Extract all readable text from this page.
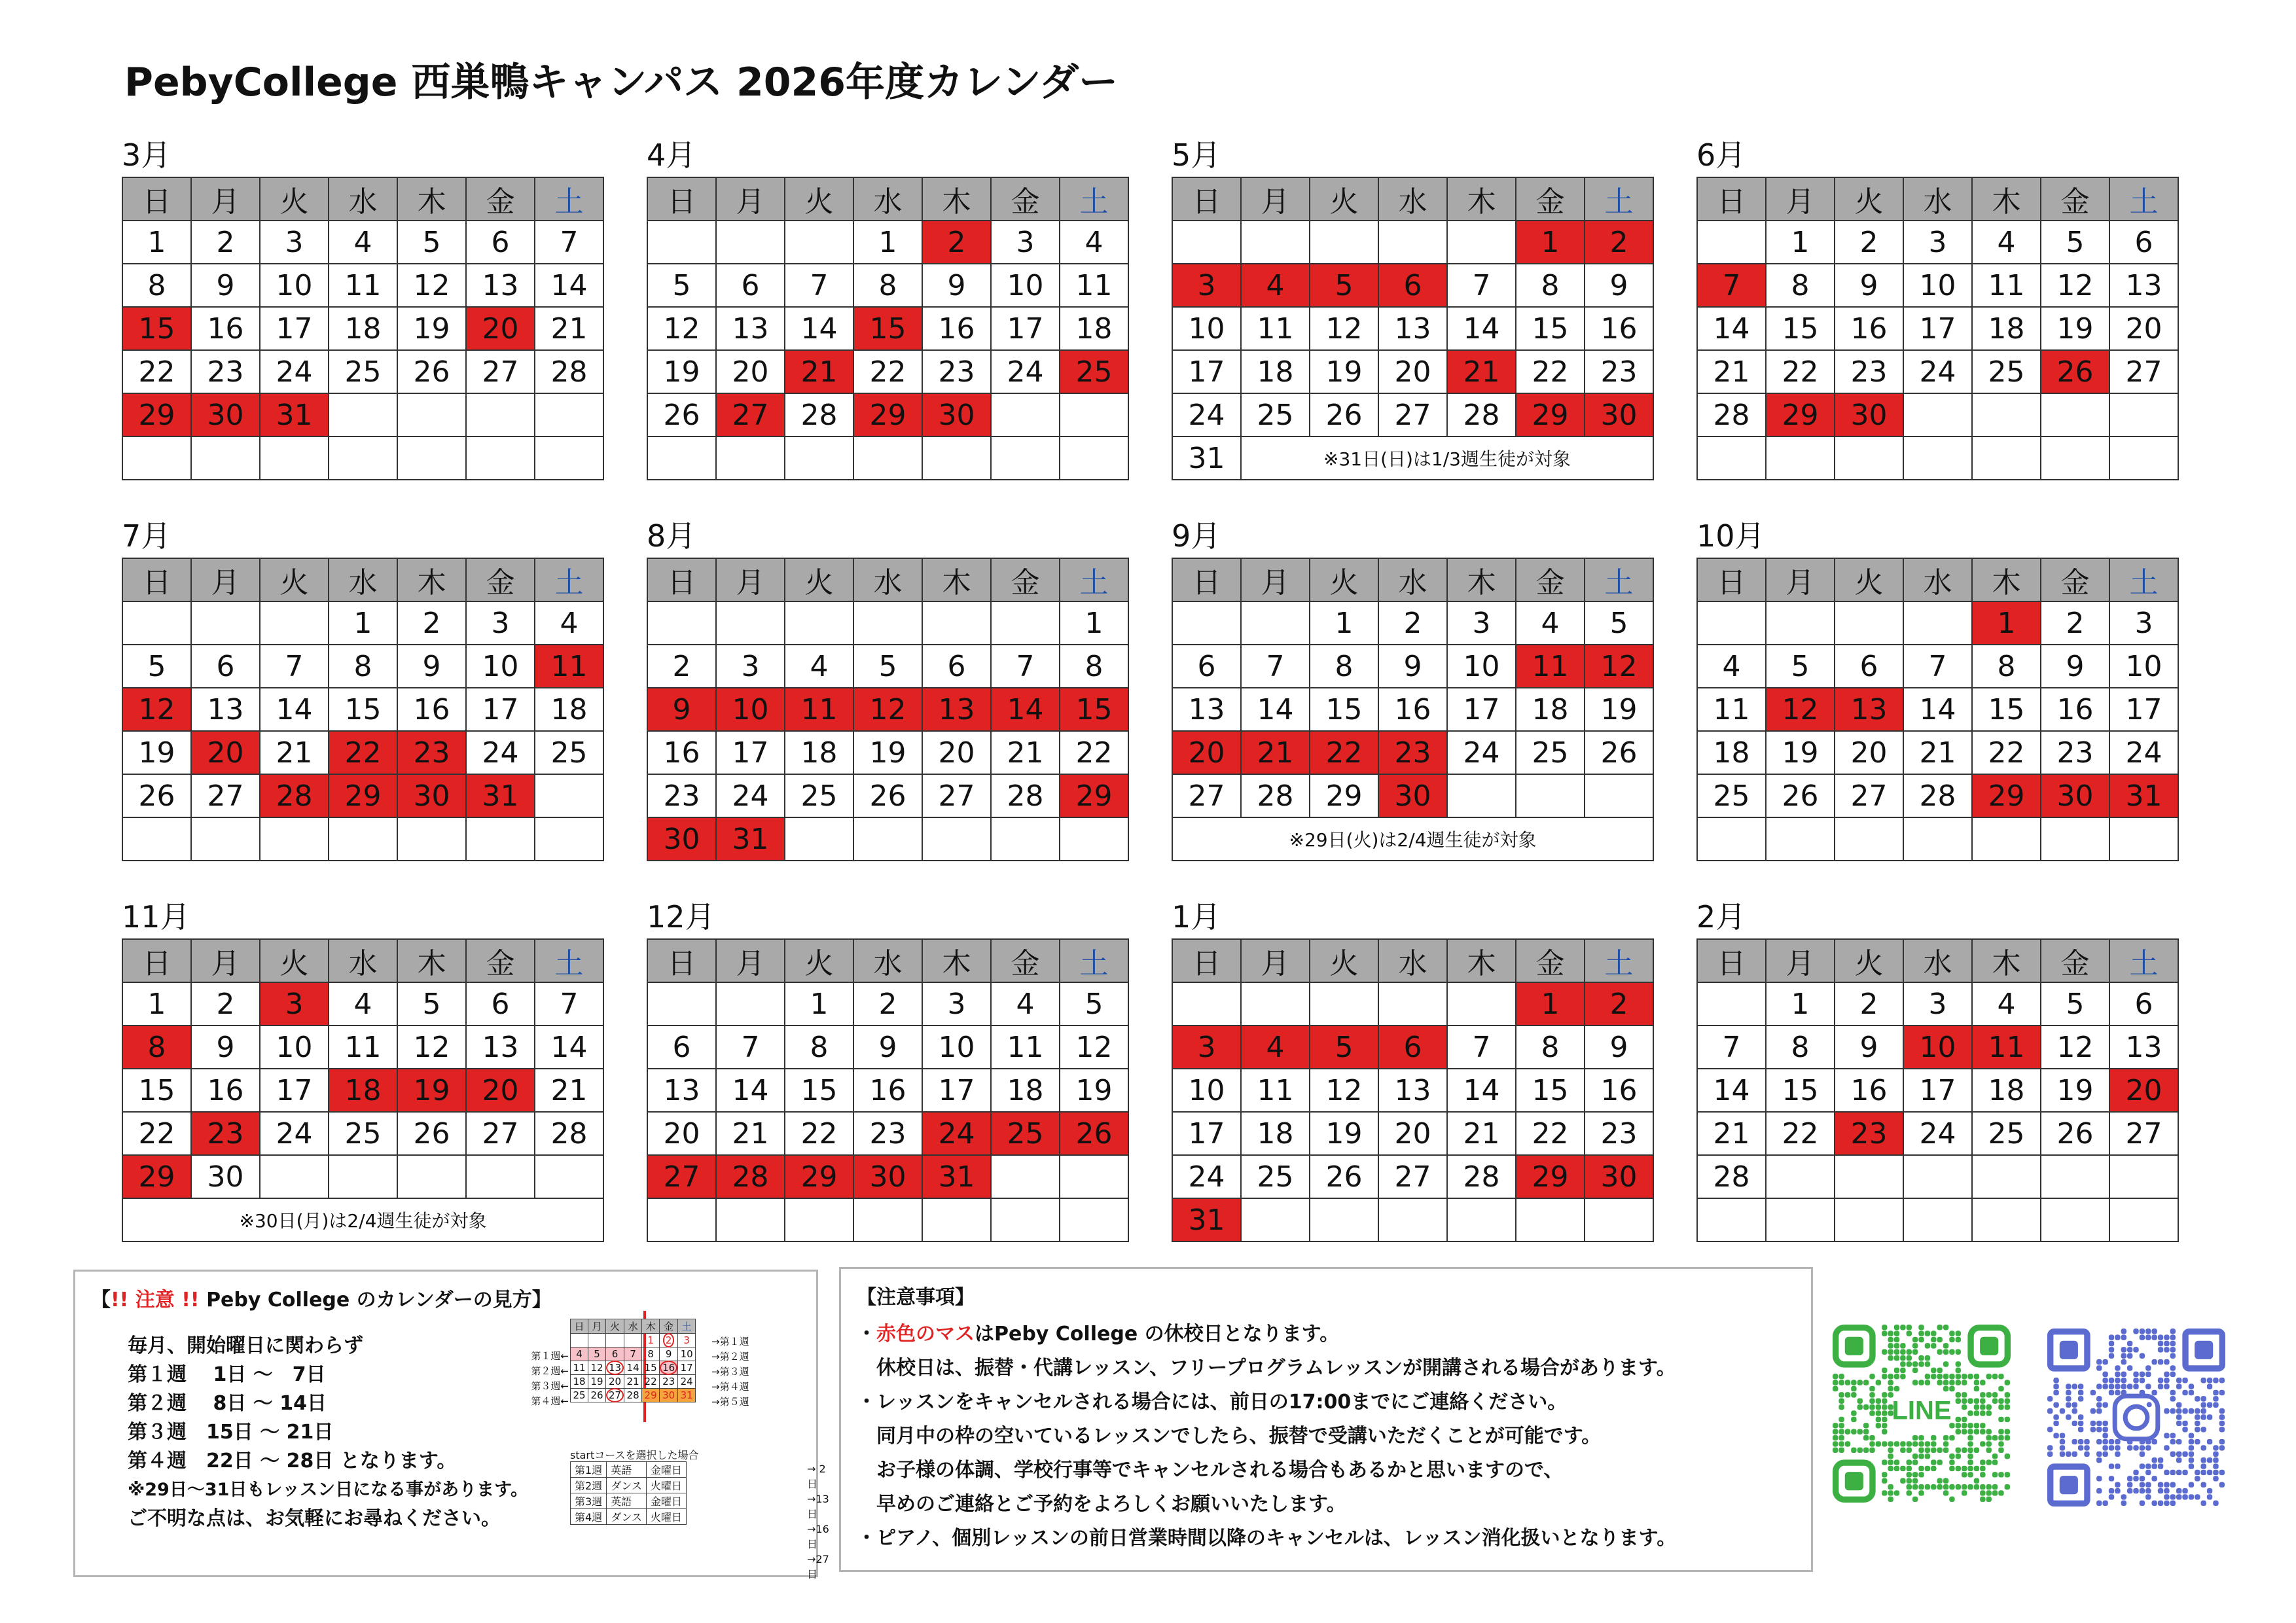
PebyCollege 西巣鴨キャンパス 2026年度カレンダー
3月
日	月	火	水	木	金	土
1	2	3	4	5	6	7
8	9	10	11	12	13	14
15	16	17	18	19	20	21
22	23	24	25	26	27	28
29	30	31				

4月
日	月	火	水	木	金	土
			1	2	3	4
5	6	7	8	9	10	11
12	13	14	15	16	17	18
19	20	21	22	23	24	25
26	27	28	29	30		

5月
日	月	火	水	木	金	土
					1	2
3	4	5	6	7	8	9
10	11	12	13	14	15	16
17	18	19	20	21	22	23
24	25	26	27	28	29	30
31	※31日(日)は1/3週生徒が対象					
6月
日	月	火	水	木	金	土
	1	2	3	4	5	6
7	8	9	10	11	12	13
14	15	16	17	18	19	20
21	22	23	24	25	26	27
28	29	30				

7月
日	月	火	水	木	金	土
			1	2	3	4
5	6	7	8	9	10	11
12	13	14	15	16	17	18
19	20	21	22	23	24	25
26	27	28	29	30	31	

8月
日	月	火	水	木	金	土
						1
2	3	4	5	6	7	8
9	10	11	12	13	14	15
16	17	18	19	20	21	22
23	24	25	26	27	28	29
30	31					
9月
日	月	火	水	木	金	土
		1	2	3	4	5
6	7	8	9	10	11	12
13	14	15	16	17	18	19
20	21	22	23	24	25	26
27	28	29	30			
※29日(火)は2/4週生徒が対象						
10月
日	月	火	水	木	金	土
				1	2	3
4	5	6	7	8	9	10
11	12	13	14	15	16	17
18	19	20	21	22	23	24
25	26	27	28	29	30	31

11月
日	月	火	水	木	金	土
1	2	3	4	5	6	7
8	9	10	11	12	13	14
15	16	17	18	19	20	21
22	23	24	25	26	27	28
29	30					
※30日(月)は2/4週生徒が対象						
12月
日	月	火	水	木	金	土
		1	2	3	4	5
6	7	8	9	10	11	12
13	14	15	16	17	18	19
20	21	22	23	24	25	26
27	28	29	30	31		

1月
日	月	火	水	木	金	土
					1	2
3	4	5	6	7	8	9
10	11	12	13	14	15	16
17	18	19	20	21	22	23
24	25	26	27	28	29	30
31						
2月
日	月	火	水	木	金	土
	1	2	3	4	5	6
7	8	9	10	11	12	13
14	15	16	17	18	19	20
21	22	23	24	25	26	27
28						

【!! 注意 !! Peby College のカレンダーの見方】
毎月、開始曜日に関わらず
第１週　 1日 ～　7日
第２週　 8日 ～ 14日
第３週　15日 ～ 21日
第４週　22日 ～ 28日 となります。
※29日～31日もレッスン日になる事があります。
ご不明な点は、お気軽にお尋ねください。
日	月	火	水	木	金	土
				1	2	3
4	5	6	7	8	9	10
11	12	13	14	15	16	17
18	19	20	21	22	23	24
25	26	27	28	29	30	31
第１週←
第２週←
第３週←
第４週←
→第１週
→第２週
→第３週
→第４週
→第５週
startコースを選択した場合
第1週	英語	金曜日
第2週	ダンス	火曜日
第3週	英語	金曜日
第4週	ダンス	火曜日
→ 2日
→13日
→16日
→27日
【注意事項】
・赤色のマスはPeby College の休校日となります。
　休校日は、振替・代講レッスン、フリープログラムレッスンが開講される場合があります。
・レッスンをキャンセルされる場合には、前日の17:00までにご連絡ください。
　同月中の枠の空いているレッスンでしたら、振替で受講いただくことが可能です。
　お子様の体調、学校行事等でキャンセルされる場合もあるかと思いますので、
　早めのご連絡とご予約をよろしくお願いいたします。
・ピアノ、個別レッスンの前日営業時間以降のキャンセルは、レッスン消化扱いとなります。
LINE
